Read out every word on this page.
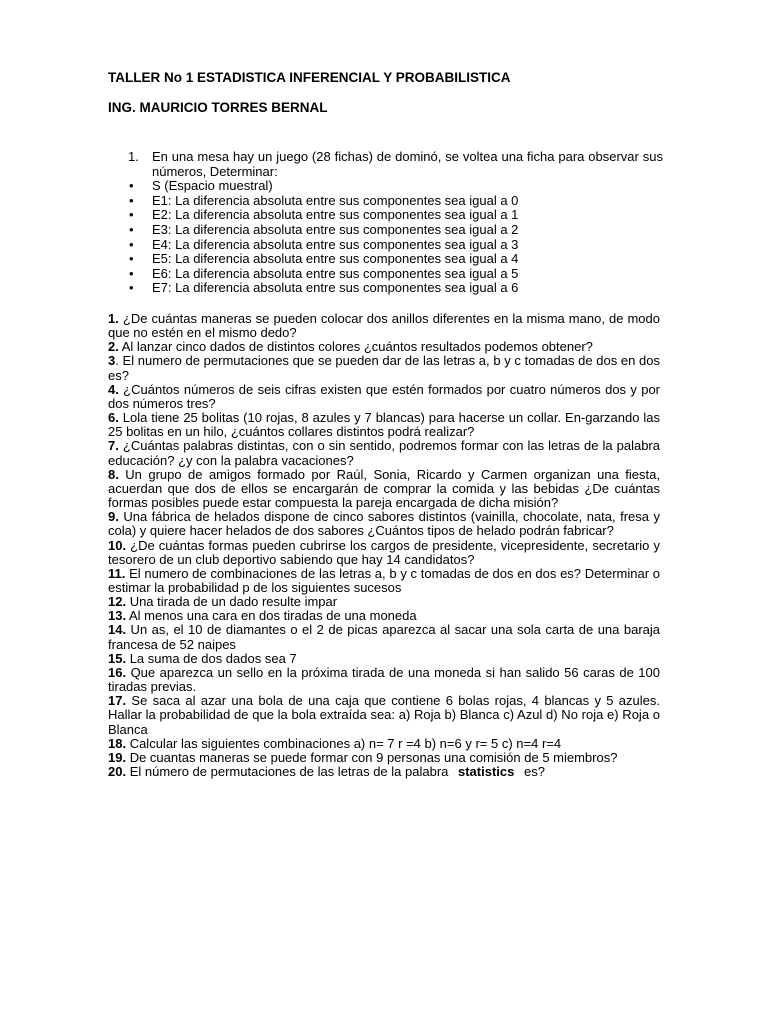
TALLER No 1 ESTADISTICA INFERENCIAL Y PROBABILISTICA
ING. MAURICIO TORRES BERNAL
1.	En una mesa hay un juego (28 fichas) de dominó, se voltea una ficha para observar sus números, Determinar:
•	S (Espacio muestral)
•	E1: La diferencia absoluta entre sus componentes sea igual a 0
•	E2: La diferencia absoluta entre sus componentes sea igual a 1
•	E3: La diferencia absoluta entre sus componentes sea igual a 2
•	E4: La diferencia absoluta entre sus componentes sea igual a 3
•	E5: La diferencia absoluta entre sus componentes sea igual a 4
•	E6: La diferencia absoluta entre sus componentes sea igual a 5
•	E7: La diferencia absoluta entre sus componentes sea igual a 6

1. ¿De cuántas maneras se pueden colocar dos anillos diferentes en la misma mano, de modo que no estén en el mismo dedo?

2. Al lanzar cinco dados de distintos colores ¿cuántos resultados podemos obtener?

3. El numero de permutaciones que se pueden dar de las letras a, b y c tomadas de dos en dos es?

4. ¿Cuántos números de seis cifras existen que estén formados por cuatro números dos y por dos números tres?

6. Lola tiene 25 bolitas (10 rojas, 8 azules y 7 blancas) para hacerse un collar. En-garzando las 25 bolitas en un hilo, ¿cuántos collares distintos podrá realizar?

7. ¿Cuántas palabras distintas, con o sin sentido, podremos formar con las letras de la palabra educación? ¿y con la palabra vacaciones?

8. Un grupo de amigos formado por Raúl, Sonia, Ricardo y Carmen organizan una fiesta, acuerdan que dos de ellos se encargarán de comprar la comida y las bebidas ¿De cuántas formas posibles puede estar compuesta la pareja encargada de dicha misión?

9. Una fábrica de helados dispone de cinco sabores distintos (vainilla, chocolate, nata, fresa y cola) y quiere hacer helados de dos sabores ¿Cuántos tipos de helado podrán fabricar?

10. ¿De cuántas formas pueden cubrirse los cargos de presidente, vicepresidente, secretario y tesorero de un club deportivo sabiendo que hay 14 candidatos?

11. El numero de combinaciones de las letras a, b y c tomadas de dos en dos es? Determinar o estimar la probabilidad p de los siguientes sucesos

12. Una tirada de un dado resulte impar

13. Al menos una cara en dos tiradas de una moneda

14. Un as, el 10 de diamantes o el 2 de picas aparezca al sacar una sola carta de una baraja francesa de 52 naipes

15. La suma de dos dados sea 7

16. Que aparezca un sello en la próxima tirada de una moneda si han salido 56 caras de 100 tiradas previas.

17. Se saca al azar una bola de una caja que contiene 6 bolas rojas, 4 blancas y 5 azules. Hallar la probabilidad de que la bola extraída sea: a) Roja b) Blanca c) Azul d) No roja e) Roja o Blanca

18. Calcular las siguientes combinaciones a) n= 7 r =4 b) n=6 y r= 5 c) n=4 r=4

19. De cuantas maneras se puede formar con 9 personas una comisión de 5 miembros?

20. El número de permutaciones de las letras de la palabra statistics es?
